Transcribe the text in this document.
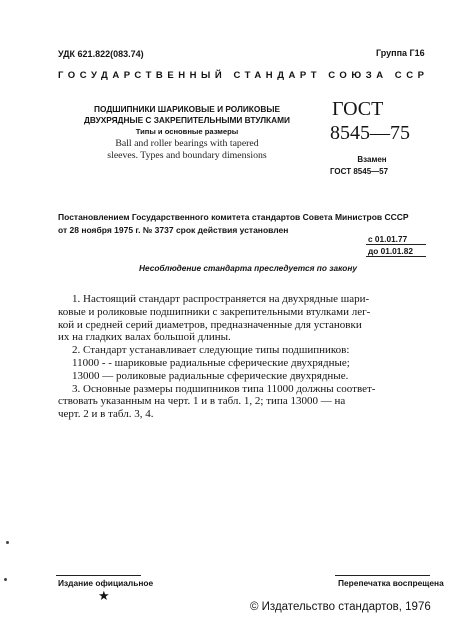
УДК 621.822(083.74)	Группа Г16
ГОСУДАРСТВЕННЫЙ СТАНДАРТ СОЮЗА ССР
ПОДШИПНИКИ ШАРИКОВЫЕ И РОЛИКОВЫЕ
ДВУХРЯДНЫЕ С ЗАКРЕПИТЕЛЬНЫМИ ВТУЛКАМИ
Типы и основные размеры
Ball and roller bearings with tapered
sleeves. Types and boundary dimensions
ГОСТ
8545—75
Взамен
ГОСТ 8545—57
Постановлением Государственного комитета стандартов Совета Министров СССР
от 28 ноября 1975 г. № 3737 срок действия установлен
с 01.01.77
до 01.01.82
Несоблюдение стандарта преследуется по закону
1. Настоящий стандарт распространяется на двухрядные шари-
ковые и роликовые подшипники с закрепительными втулками лег-
кой и средней серий диаметров, предназначенные для установки
их на гладких валах большой длины.
2. Стандарт устанавливает следующие типы подшипников:
11000 - - шариковые радиальные сферические двухрядные;
13000 — роликовые радиальные сферические двухрядные.
3. Основные размеры подшипников типа 11000 должны соответ-
ствовать указанным на черт. 1 и в табл. 1, 2; типа 13000 — на
черт. 2 и в табл. 3, 4.
Издание официальное	Перепечатка воспрещена
★
© Издательство стандартов, 1976
